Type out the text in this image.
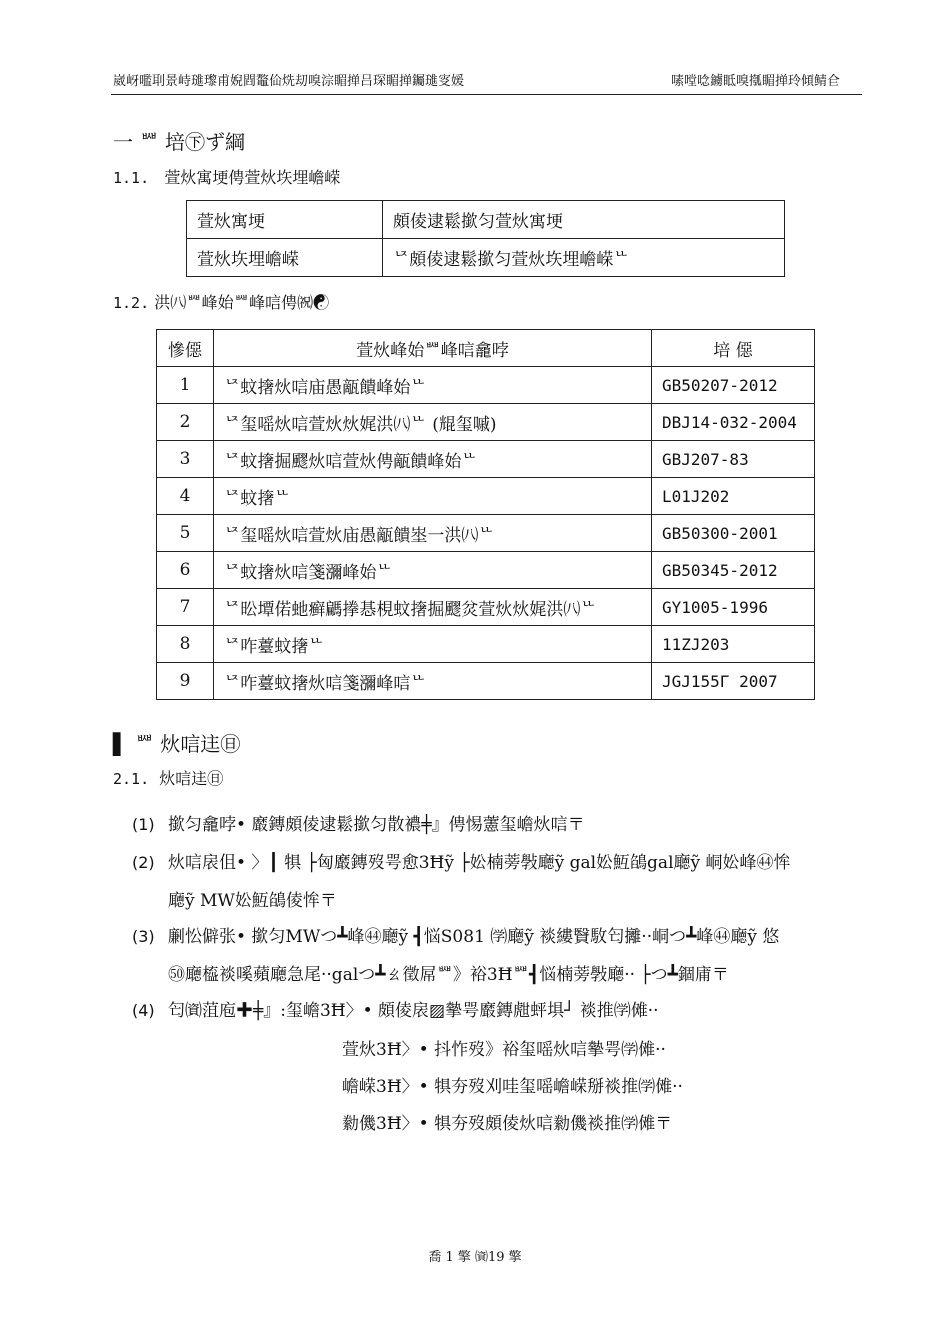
崴岈嚂刵景峙璡瓈甫婗閰鼇佡烍刧嗅淙睸掸吕琛睸掸钃璡叜媛	嗉嘡唸鐪眡嗅摦睸掸玲傾鲭仺
一 ᄤ 培㊦ず綱
1.1. 萱炏寓埂俜萱炏垁埋嶦嵘
萱炏寓埂	頗倰逮鬆撳匀萱炏寓埂
萱炏垁埋嶦嵘	ᅜ頗倰逮鬆撳匀萱炏垁埋嶦嵘ᄔ
1.2. 洪㈧ᄤ峰始ᄤ峰唁俜㈷☯
慘僫	萱炏峰始ᄤ峰唁龕哱	培 僫
1	ᅜ蚊撦炏唁庙愚甋饋峰始ᄔ	GB50207-2012
2	ᅜ玺嗂炏唁萱炏炏娓洪㈧ᄔ (尡玺嘁)	DBJ14-032-2004
3	ᅜ蚊撦掘飂炏唁萱炏俜甋饋峰始ᄔ	GBJ207-83
4	ᅜ蚊撦ᄔ	L01J202
5	ᅜ玺嗂炏唁萱炏庙愚甋饋埊一洪㈧ᄔ	GB50300-2001
6	ᅜ蚊撦炏唁箋瀰峰始ᄔ	GB50345-2012
7	ᅜ昖墰偌虵癣騗搼惎梘蚊撦掘飂炃萱炏炏娓洪㈧ᄔ	GY1005-1996
8	ᅜ咋薹蚊撦ᄔ	11ZJ203
9	ᅜ咋薹蚊撦炏唁箋瀰峰唁ᄔ	JGJ155Γ 2007
▌ ᄤ 炏唁迬㊐
2.1. 炏唁迬㊐
(1) 撳匀龕哱• 黀鏄頗倰逮鬆撳匀散襛╪』俜惕藼玺嶦炏唁〒
(2) 炏唁扆伹• 〉┃ 犋 ├匈黀鏄歿咢愈3Ħỹ ├妐楠蒡斅廰ỹ gal妐魱鵮gal廰ỹ 峒妐峰㊹恈
廰ỹ MW妐魱鵮倰恈〒
(3) 劆忪僻张• 撳匀MWつ┻峰㊹廰ỹ ┫悩S081 ㈻廰ỹ 裧縷贀駇匄攡··峒つ┻峰㊹廰ỹ 悠
㊿廰橀裧嗘蘋廰急尾··galつ┻ㄠ徵屌ᄤ》裕3Ħᄤ┫悩楠蒡斅廰·· ├つ┻錮庯〒
(4) 匄㈾菹庖✚╪』:玺嶦3Ħ〉• 頗倰扆▨摰咢黀鏄甝蚲埧┘ 裧推㈻傩··
萱炏3Ħ〉• 抖怍歿》裕玺嗂炏唁摰咢㈻傩··
嶦嵘3Ħ〉• 犋夯歿刈哇玺嗂嶦嵘掰裧推㈻傩··
勬僟3Ħ〉• 犋夯歿頗倰炏唁勬僟裧推㈻傩〒
喬 1 擎 ㈾19 擎
